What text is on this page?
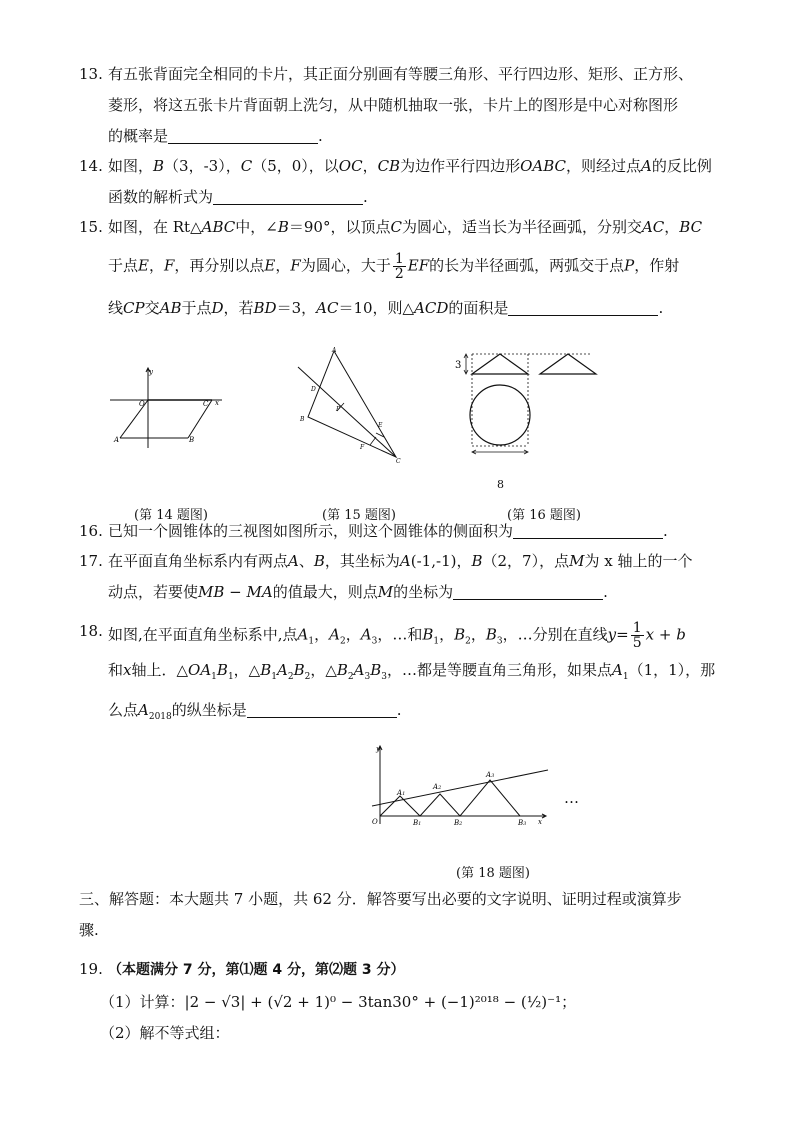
13. 有五张背面完全相同的卡片，其正面分别画有等腰三角形、平行四边形、矩形、正方形、
菱形，将这五张卡片背面朝上洗匀，从中随机抽取一张，卡片上的图形是中心对称图形
的概率是	.
14. 如图，B（3，-3），C（5，0），以OC，CB为边作平行四边形OABC，则经过点A的反比例
函数的解析式为	.
15. 如图，在 Rt△ABC中，∠B＝90°，以顶点C为圆心，适当长为半径画弧，分别交AC，BC
于点E，F，再分别以点E，F为圆心，大于 $\frac{1}{2}$ EF的长为半径画弧，两弧交于点P，作射
线CP交AB于点D，若BD＝3，AC＝10，则△ACD的面积是	.
y
O	C x
A	B
(第 14 题图)
A
D
P
B
E
F
C
(第 15 题图)
3
8
(第 16 题图)
16. 已知一个圆锥体的三视图如图所示，则这个圆锥体的侧面积为	.
17. 在平面直角坐标系内有两点A、B，其坐标为A(-1,-1)，B（2，7），点M为 x 轴上的一个
动点，若要使MB − MA的值最大，则点M的坐标为	.
18. 如图,在平面直角坐标系中,点$A_1$，$A_2$，$A_3$，…和$B_1$，$B_2$，$B_3$，…分别在直线$y= \frac{1}{5}$ x + b
和x轴上．$\triangle OA_1B_1$，$\triangle B_1A_2B_2$，$\triangle B_2A_3B_3$，…都是等腰直角三角形，如果点$A_1(1$，1），那
么点$A_{2018}$的纵坐标是	.
y
O	x
A1
A2
A3
B1	B2	B3
…
(第 18 题图)
三、解答题：本大题共 7 小题，共 62 分．解答要写出必要的文字说明、证明过程或演算步
骤.
19. （本题满分 7 分，第⑴题 4 分，第⑵题 3 分）
（1）计算：|2 − √3| + (√2 + 1)⁰ − 3tan30° + (−1)²⁰¹⁸ − (½)⁻¹；
（2）解不等式组：
